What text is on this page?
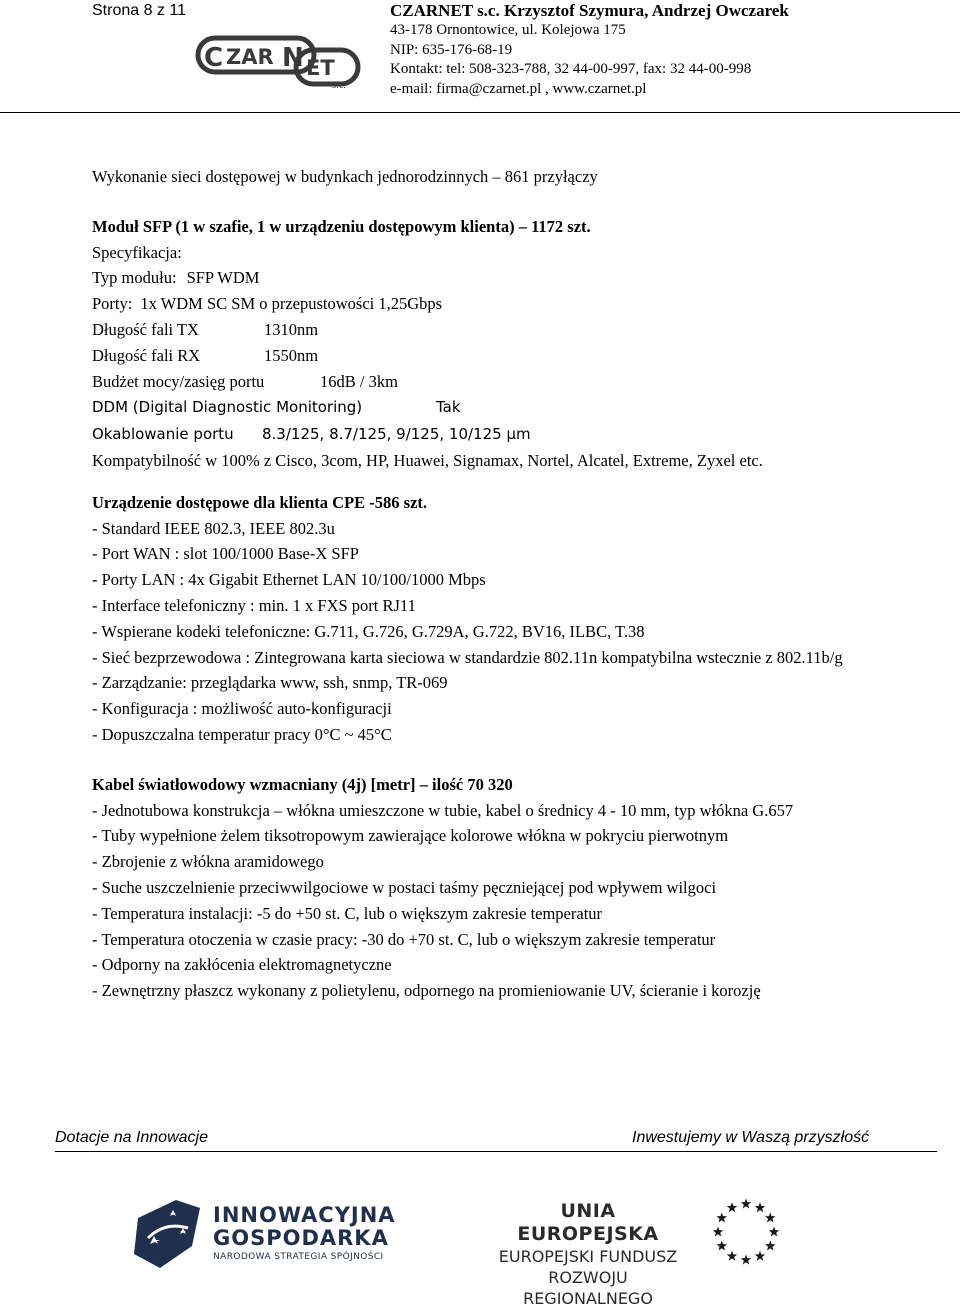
Strona 8 z 11
C ZAR N ET
s.c.
CZARNET s.c. Krzysztof Szymura, Andrzej Owczarek
43-178 Ornontowice, ul. Kolejowa 175
NIP: 635-176-68-19
Kontakt: tel: 508-323-788, 32 44-00-997, fax: 32 44-00-998
e-mail: firma@czarnet.pl , www.czarnet.pl

Wykonanie sieci dostępowej w budynkach jednorodzinnych – 861 przyłączy

Moduł SFP (1 w szafie, 1 w urządzeniu dostępowym klienta) – 1172 szt.

Specyfikacja:

Typ modułu: SFP WDM

Porty: 1x WDM SC SM o przepustowości 1,25Gbps

Długość fali TX	1310nm

Długość fali RX	1550nm

Budżet mocy/zasięg portu	16dB / 3km

DDM (Digital Diagnostic Monitoring)	Tak

Okablowanie portu 8.3/125, 8.7/125, 9/125, 10/125 μm

Kompatybilność w 100% z Cisco, 3com, HP, Huawei, Signamax, Nortel, Alcatel, Extreme, Zyxel etc.

Urządzenie dostępowe dla klienta CPE -586 szt.

- Standard IEEE 802.3, IEEE 802.3u

- Port WAN : slot 100/1000 Base-X SFP

- Porty LAN : 4x Gigabit Ethernet LAN 10/100/1000 Mbps

- Interface telefoniczny : min. 1 x FXS port RJ11

- Wspierane kodeki telefoniczne: G.711, G.726, G.729A, G.722, BV16, ILBC, T.38

- Sieć bezprzewodowa : Zintegrowana karta sieciowa w standardzie 802.11n kompatybilna wstecznie z 802.11b/g

- Zarządzanie: przeglądarka www, ssh, snmp, TR-069

- Konfiguracja : możliwość auto-konfiguracji

- Dopuszczalna temperatur pracy 0°C ~ 45°C

Kabel światłowodowy wzmacniany (4j) [metr] – ilość 70 320

- Jednotubowa konstrukcja – włókna umieszczone w tubie, kabel o średnicy 4 - 10 mm, typ włókna G.657

- Tuby wypełnione żelem tiksotropowym zawierające kolorowe włókna w pokryciu pierwotnym

- Zbrojenie z włókna aramidowego

- Suche uszczelnienie przeciwwilgociowe w postaci taśmy pęczniejącej pod wpływem wilgoci

- Temperatura instalacji: -5 do +50 st. C, lub o większym zakresie temperatur

- Temperatura otoczenia w czasie pracy: -30 do +70 st. C, lub o większym zakresie temperatur

- Odporny na zakłócenia elektromagnetyczne

- Zewnętrzny płaszcz wykonany z polietylenu, odpornego na promieniowanie UV, ścieranie i korozję

Dotacje na Innowacje	Inwestujemy w Waszą przyszłość
INNOWACYJNA
GOSPODARKA
NARODOWA STRATEGIA SPÓJNOŚCI
UNIA EUROPEJSKA
EUROPEJSKI FUNDUSZ
ROZWOJU REGIONALNEGO
